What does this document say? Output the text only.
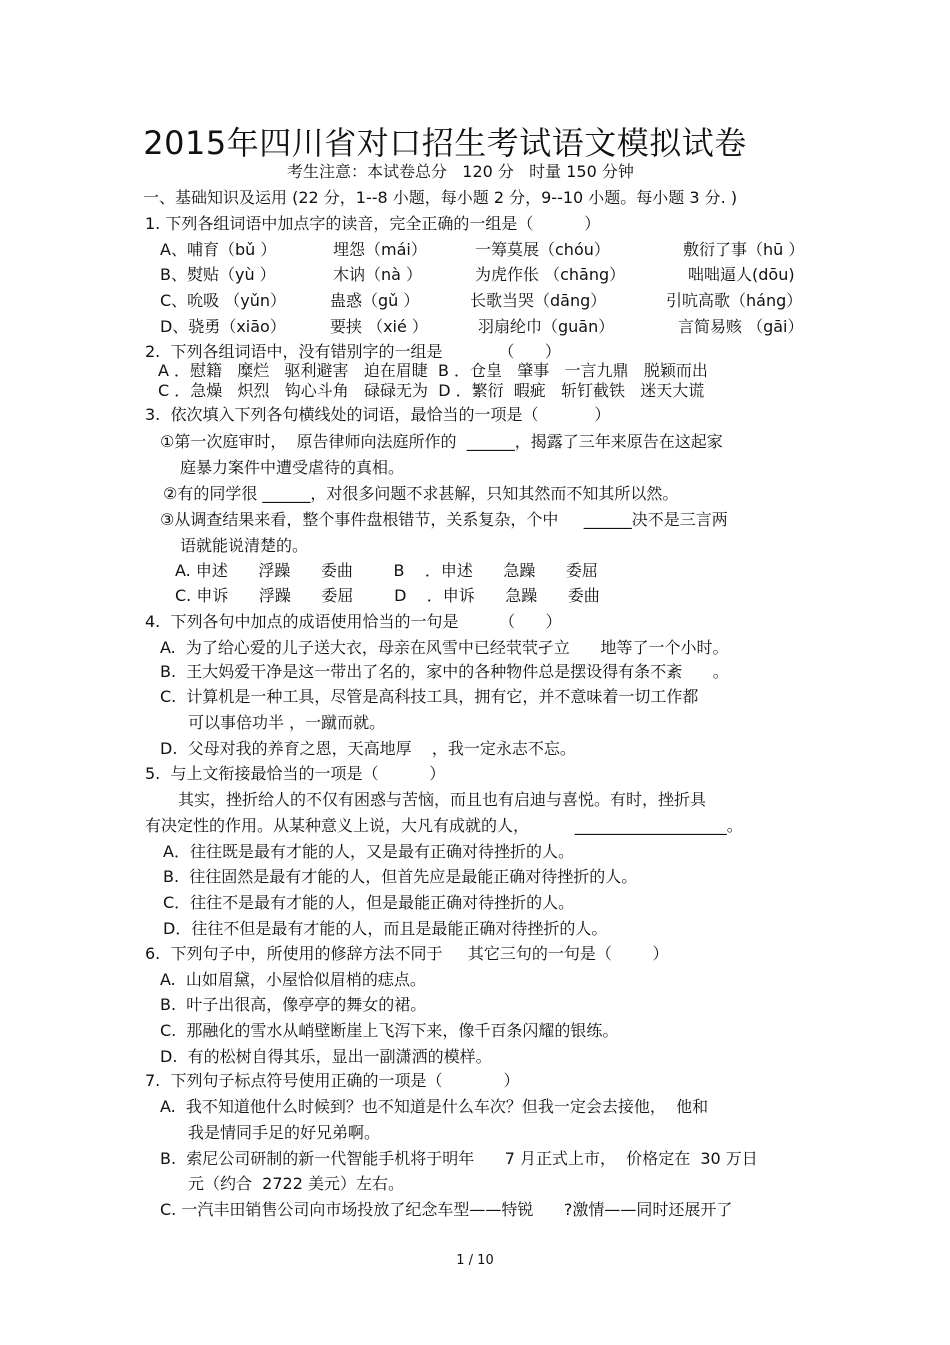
2015年四川省对口招生考试语文模拟试卷
考生注意：本试卷总分   120 分   时量 150 分钟
一、基础知识及运用 (22 分，1--8 小题，每小题 2 分，9--10 小题。每小题 3 分. )
1. 下列各组词语中加点字的读音，完全正确的一组是（          ）
A、哺育（bǔ ）	埋怨（mái）	一筹莫展（chóu）	敷衍了事（hū ）
B、熨贴（yù ）	木讷（nà ）	为虎作伥 （chāng）	咄咄逼人(dōu)
C、吮吸 （yǔn）	蛊惑（gǔ ）	长歌当哭（dāng）	引吭高歌（háng）
D、骁勇（xiāo）	要挟 （xié ）	羽扇纶巾（guān）	言简易赅 （gāi）
2.  下列各组词语中，没有错别字的一组是           （      ）
A ．慰籍   糜烂   驱利避害   迫在眉睫  B ．仓皇   肇事   一言九鼎   脱颖而出
C ．急燥   炽烈   钩心斗角   碌碌无为  D ．繁衍  暇疵   斩钉截铁   迷天大谎
3.  依次填入下列各句横线处的词语，最恰当的一项是（           ）
①第一次庭审时，  原告律师向法庭所作的  ______，揭露了三年来原告在这起家
庭暴力案件中遭受虐待的真相。
②有的同学很 ______，对很多问题不求甚解，只知其然而不知其所以然。
③从调查结果来看，整个事件盘根错节，关系复杂，个中     ______决不是三言两
语就能说清楚的。
A. 申述      浮躁      委曲        B    ．申述      急躁      委屈
C. 申诉      浮躁      委屈        D    ．申诉      急躁      委曲
4.  下列各句中加点的成语使用恰当的一句是        （      ）
A.  为了给心爱的儿子送大衣，母亲在风雪中已经茕茕孑立      地等了一个小时。
B.  王大妈爱干净是这一带出了名的，家中的各种物件总是摆设得有条不紊      。
C.  计算机是一种工具，尽管是高科技工具，拥有它，并不意味着一切工作都
可以事倍功半 ，一蹴而就。
D.  父母对我的养育之恩，天高地厚    ，我一定永志不忘。
5.  与上文衔接最恰当的一项是（          ）
其实，挫折给人的不仅有困惑与苦恼，而且也有启迪与喜悦。有时，挫折具
有决定性的作用。从某种意义上说，大凡有成就的人，         ___________________。
A．往往既是最有才能的人，又是最有正确对待挫折的人。
B.  往往固然是最有才能的人，但首先应是最能正确对待挫折的人。
C．往往不是最有才能的人，但是最能正确对待挫折的人。
D．往往不但是最有才能的人，而且是最能正确对待挫折的人。
6.  下列句子中，所使用的修辞方法不同于     其它三句的一句是（        ）
A.  山如眉黛，小屋恰似眉梢的痣点。
B.  叶子出很高，像亭亭的舞女的裙。
C.  那融化的雪水从峭壁断崖上飞泻下来，像千百条闪耀的银练。
D.  有的松树自得其乐，显出一副潇洒的模样。
7.  下列句子标点符号使用正确的一项是（            ）
A.  我不知道他什么时候到？也不知道是什么车次？但我一定会去接他，  他和
我是情同手足的好兄弟啊。
B.  索尼公司研制的新一代智能手机将于明年      7 月正式上市，  价格定在  30 万日
元（约合  2722 美元）左右。
C. 一汽丰田销售公司向市场投放了纪念车型——特锐      ?激情——同时还展开了
1 / 10
